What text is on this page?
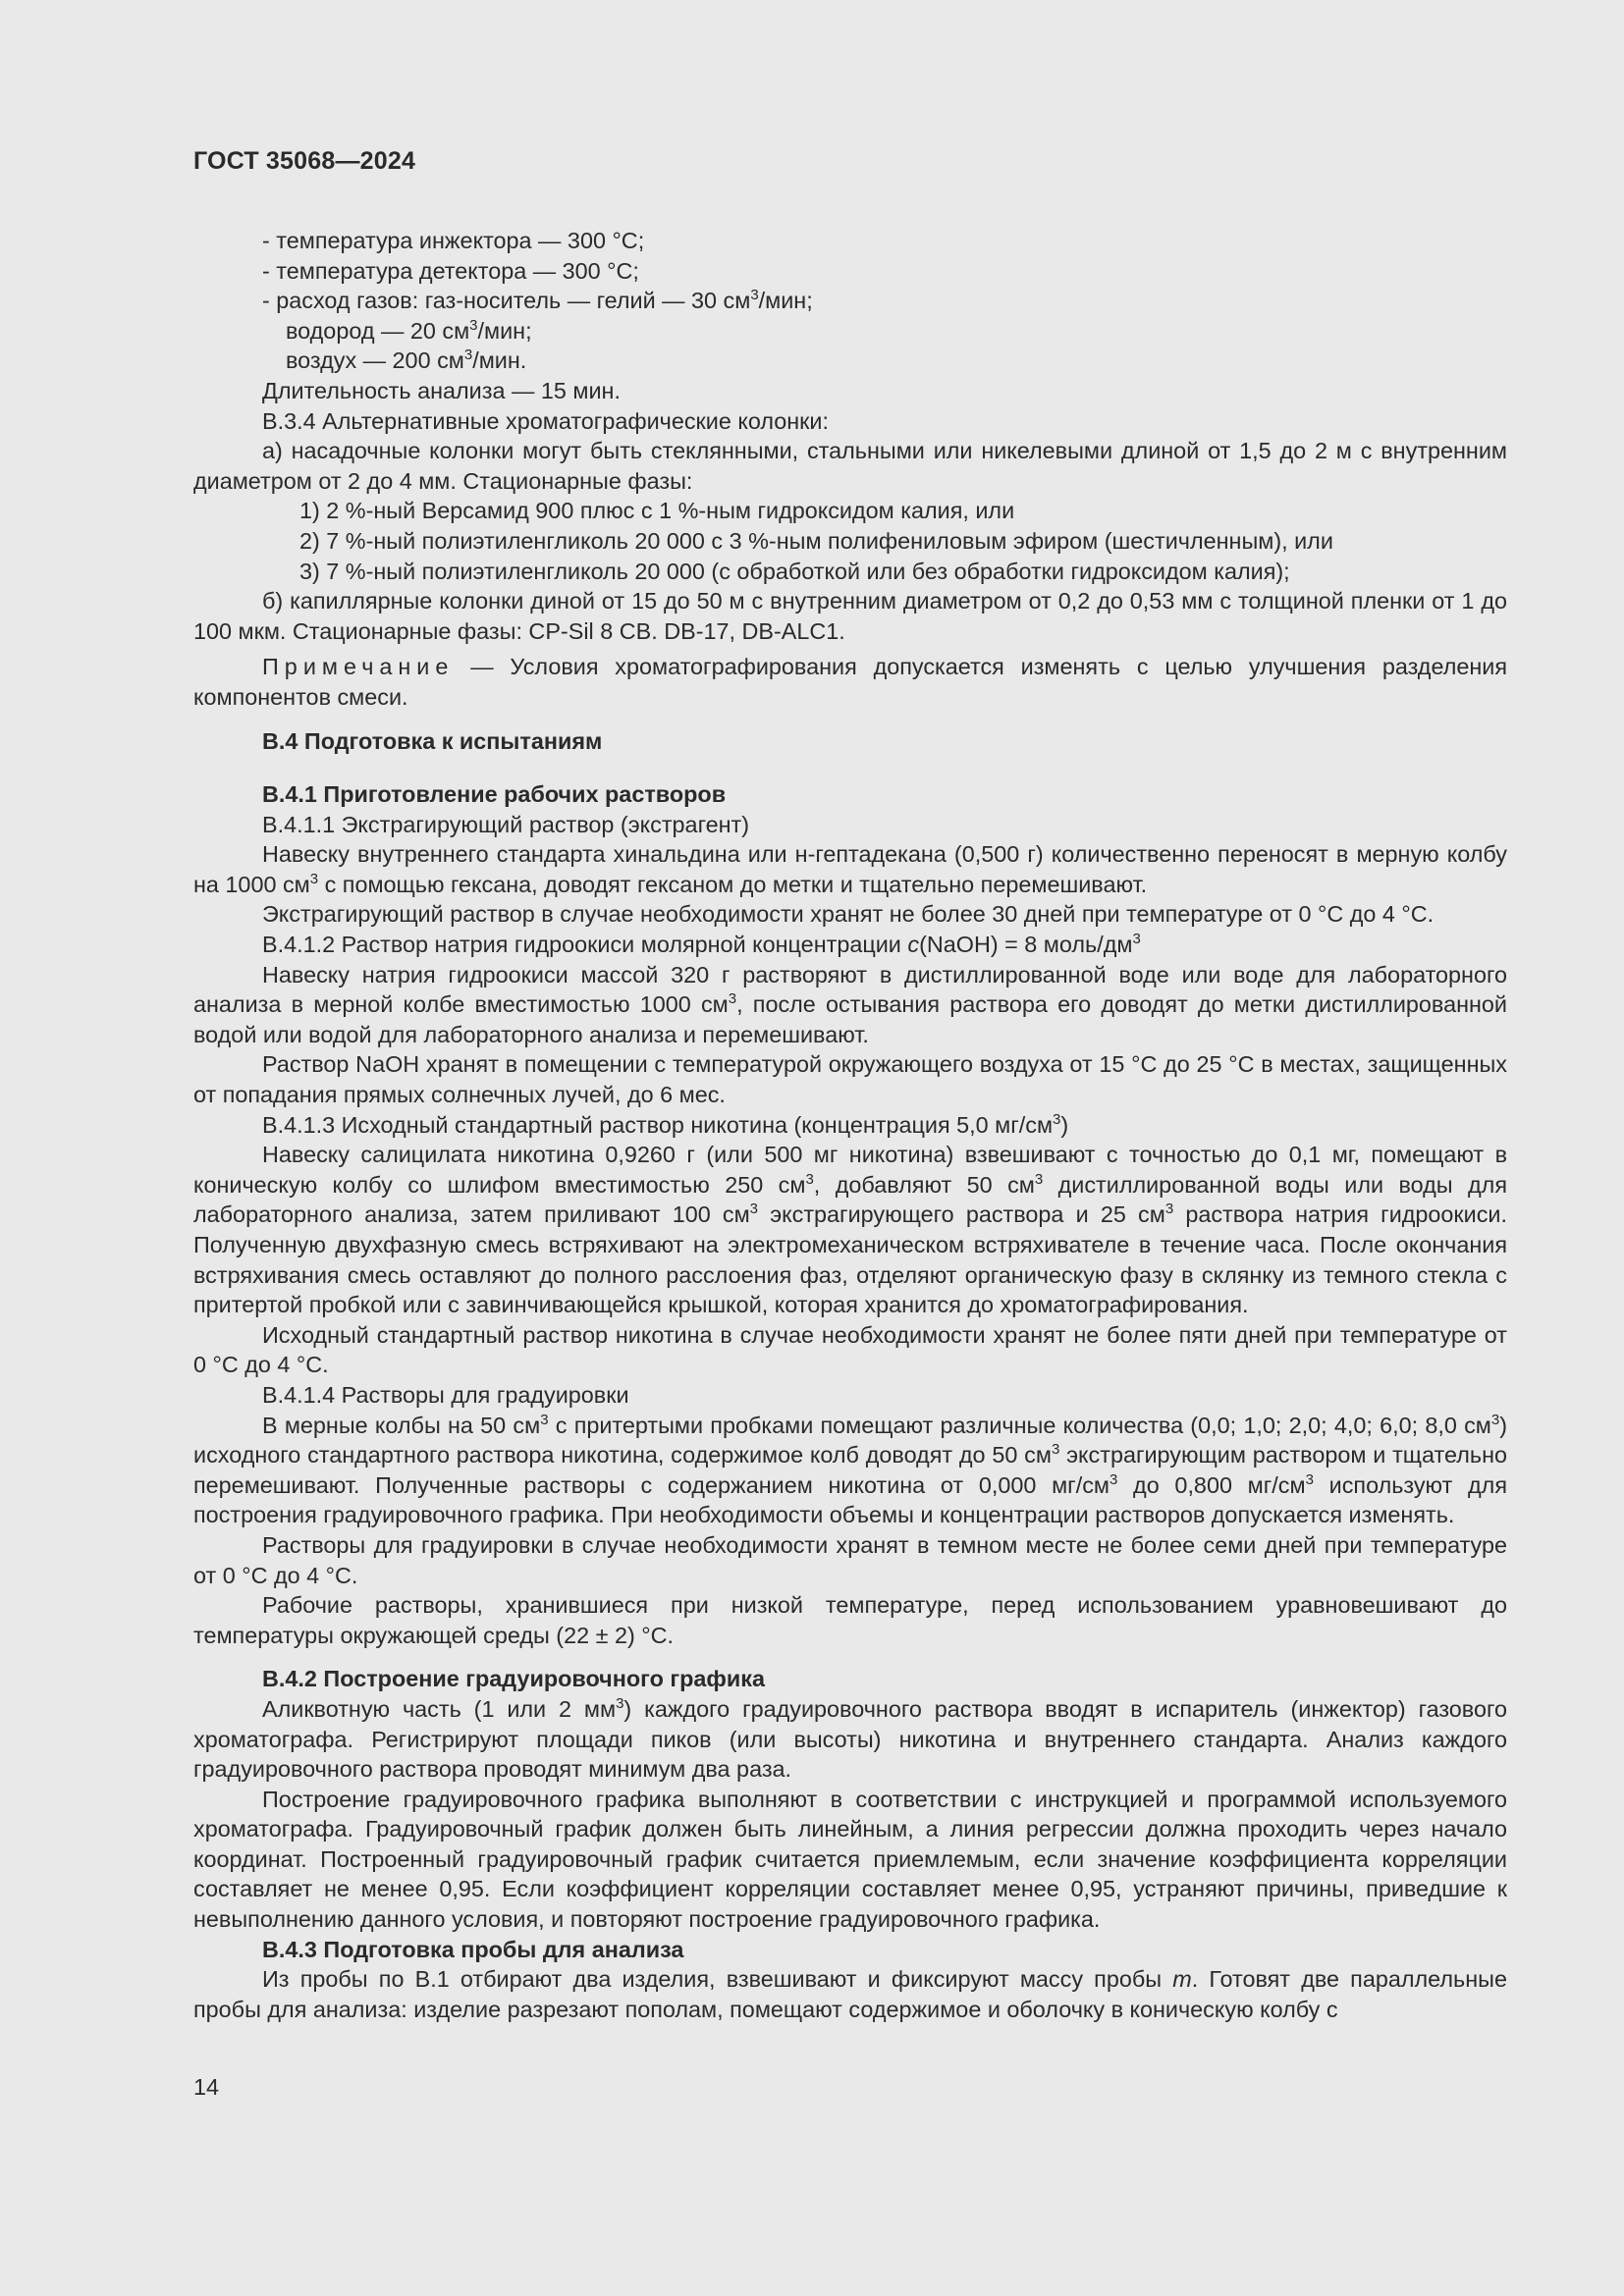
ГОСТ 35068—2024

- температура инжектора — 300 °C;

- температура детектора — 300 °C;

- расход газов: газ-носитель — гелий — 30 $см^3$/мин;

водород — 20 $см^3$/мин;

воздух — 200 $см^3$/мин.

Длительность анализа — 15 мин.

B.3.4 Альтернативные хроматографические колонки:

а) насадочные колонки могут быть стеклянными, стальными или никелевыми длиной от 1,5 до 2 м с внутренним диаметром от 2 до 4 мм. Стационарные фазы:

1) 2 %-ный Версамид 900 плюс с 1 %-ным гидроксидом калия, или

2) 7 %-ный полиэтиленгликоль 20 000 с 3 %-ным полифениловым эфиром (шестичленным), или

3) 7 %-ный полиэтиленгликоль 20 000 (с обработкой или без обработки гидроксидом калия);

б) капиллярные колонки диной от 15 до 50 м с внутренним диаметром от 0,2 до 0,53 мм с толщиной пленки от 1 до 100 мкм. Стационарные фазы: CP-Sil 8 CB. DB-17, DB-ALC1.

Примечание — Условия хроматографирования допускается изменять с целью улучшения разделения компонентов смеси.

B.4 Подготовка к испытаниям

B.4.1 Приготовление рабочих растворов

B.4.1.1 Экстрагирующий раствор (экстрагент)

Навеску внутреннего стандарта хинальдина или н-гептадекана (0,500 г) количественно переносят в мерную колбу на 1000 $см^3$ с помощью гексана, доводят гексаном до метки и тщательно перемешивают.

Экстрагирующий раствор в случае необходимости хранят не более 30 дней при температуре от 0 °C до 4 °C.

B.4.1.2 Раствор натрия гидроокиси молярной концентрации c(NaOH) = 8 моль/$дм^3$

Навеску натрия гидроокиси массой 320 г растворяют в дистиллированной воде или воде для лабораторного анализа в мерной колбе вместимостью 1000 $см^3$, после остывания раствора его доводят до метки дистиллированной водой или водой для лабораторного анализа и перемешивают.

Раствор NaOH хранят в помещении с температурой окружающего воздуха от 15 °C до 25 °C в местах, защищенных от попадания прямых солнечных лучей, до 6 мес.

B.4.1.3 Исходный стандартный раствор никотина (концентрация 5,0 $мг/см^3$)

Навеску салицилата никотина 0,9260 г (или 500 мг никотина) взвешивают с точностью до 0,1 мг, помещают в коническую колбу со шлифом вместимостью 250 $см^3$, добавляют 50 $см^3$ дистиллированной воды или воды для лабораторного анализа, затем приливают 100 $см^3$ экстрагирующего раствора и 25 $см^3$ раствора натрия гидроокиси. Полученную двухфазную смесь встряхивают на электромеханическом встряхивателе в течение часа. После окончания встряхивания смесь оставляют до полного расслоения фаз, отделяют органическую фазу в склянку из темного стекла с притертой пробкой или с завинчивающейся крышкой, которая хранится до хроматографирования.

Исходный стандартный раствор никотина в случае необходимости хранят не более пяти дней при температуре от 0 °C до 4 °C.

B.4.1.4 Растворы для градуировки

В мерные колбы на 50 $см^3$ с притертыми пробками помещают различные количества (0,0; 1,0; 2,0; 4,0; 6,0; 8,0 $см^3$) исходного стандартного раствора никотина, содержимое колб доводят до 50 $см^3$ экстрагирующим раствором и тщательно перемешивают. Полученные растворы с содержанием никотина от 0,000 $мг/см^3$ до 0,800 $мг/см^3$ используют для построения градуировочного графика. При необходимости объемы и концентрации растворов допускается изменять.

Растворы для градуировки в случае необходимости хранят в темном месте не более семи дней при температуре от 0 °C до 4 °C.

Рабочие растворы, хранившиеся при низкой температуре, перед использованием уравновешивают до температуры окружающей среды (22 ± 2) °C.

B.4.2 Построение градуировочного графика

Аликвотную часть (1 или 2 $мм^3$) каждого градуировочного раствора вводят в испаритель (инжектор) газового хроматографа. Регистрируют площади пиков (или высоты) никотина и внутреннего стандарта. Анализ каждого градуировочного раствора проводят минимум два раза.

Построение градуировочного графика выполняют в соответствии с инструкцией и программой используемого хроматографа. Градуировочный график должен быть линейным, а линия регрессии должна проходить через начало координат. Построенный градуировочный график считается приемлемым, если значение коэффициента корреляции составляет не менее 0,95. Если коэффициент корреляции составляет менее 0,95, устраняют причины, приведшие к невыполнению данного условия, и повторяют построение градуировочного графика.

B.4.3 Подготовка пробы для анализа

Из пробы по B.1 отбирают два изделия, взвешивают и фиксируют массу пробы m. Готовят две параллельные пробы для анализа: изделие разрезают пополам, помещают содержимое и оболочку в коническую колбу с

14
